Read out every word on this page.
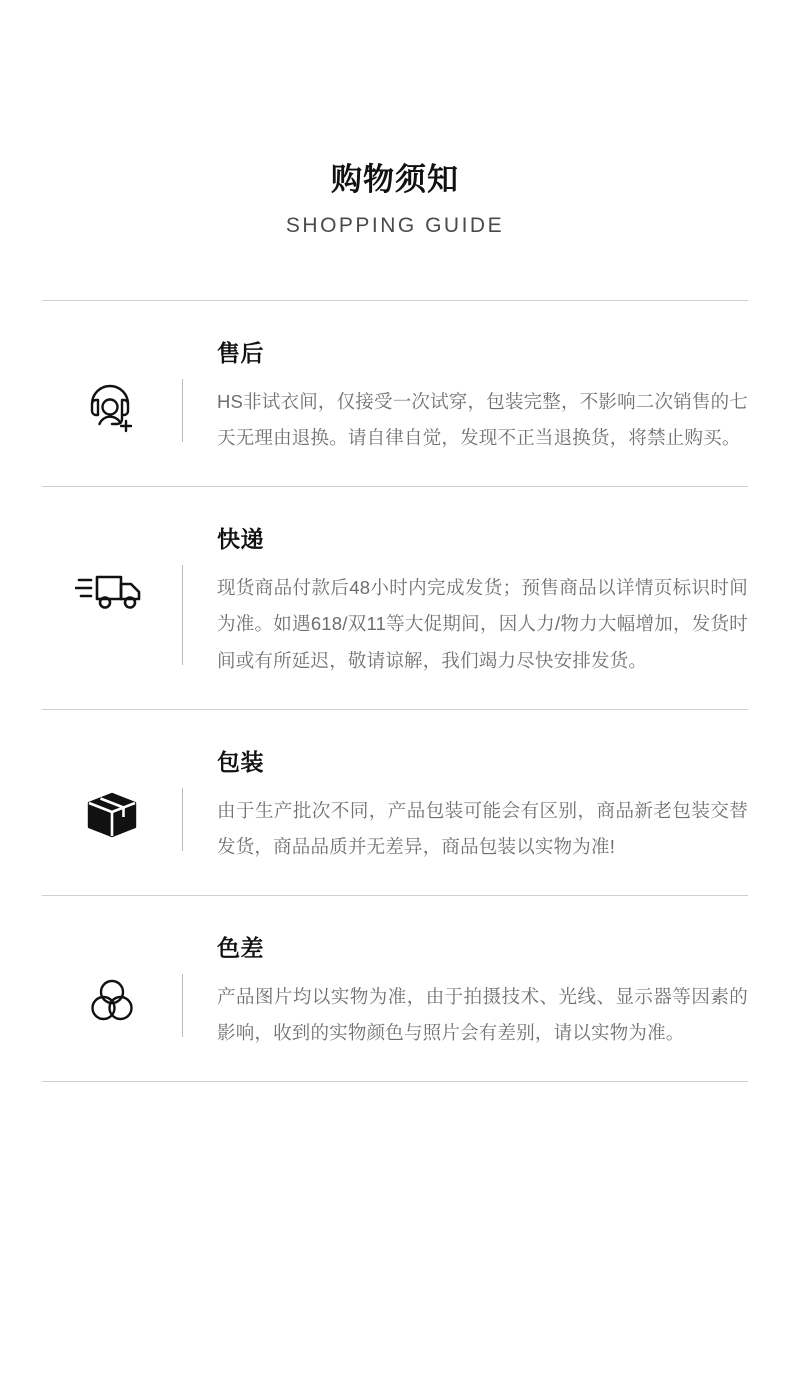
购物须知
SHOPPING GUIDE
售后

HS非试衣间，仅接受一次试穿，包装完整，不影响二次销售的七天无理由退换。请自律自觉，发现不正当退换货，将禁止购买。

快递

现货商品付款后48小时内完成发货；预售商品以详情页标识时间为准。如遇618/双11等大促期间，因人力/物力大幅增加，发货时间或有所延迟，敬请谅解，我们竭力尽快安排发货。

包装

由于生产批次不同，产品包装可能会有区别，商品新老包装交替发货，商品品质并无差异，商品包装以实物为准!

色差

产品图片均以实物为准，由于拍摄技术、光线、显示器等因素的影响，收到的实物颜色与照片会有差别，请以实物为准。
